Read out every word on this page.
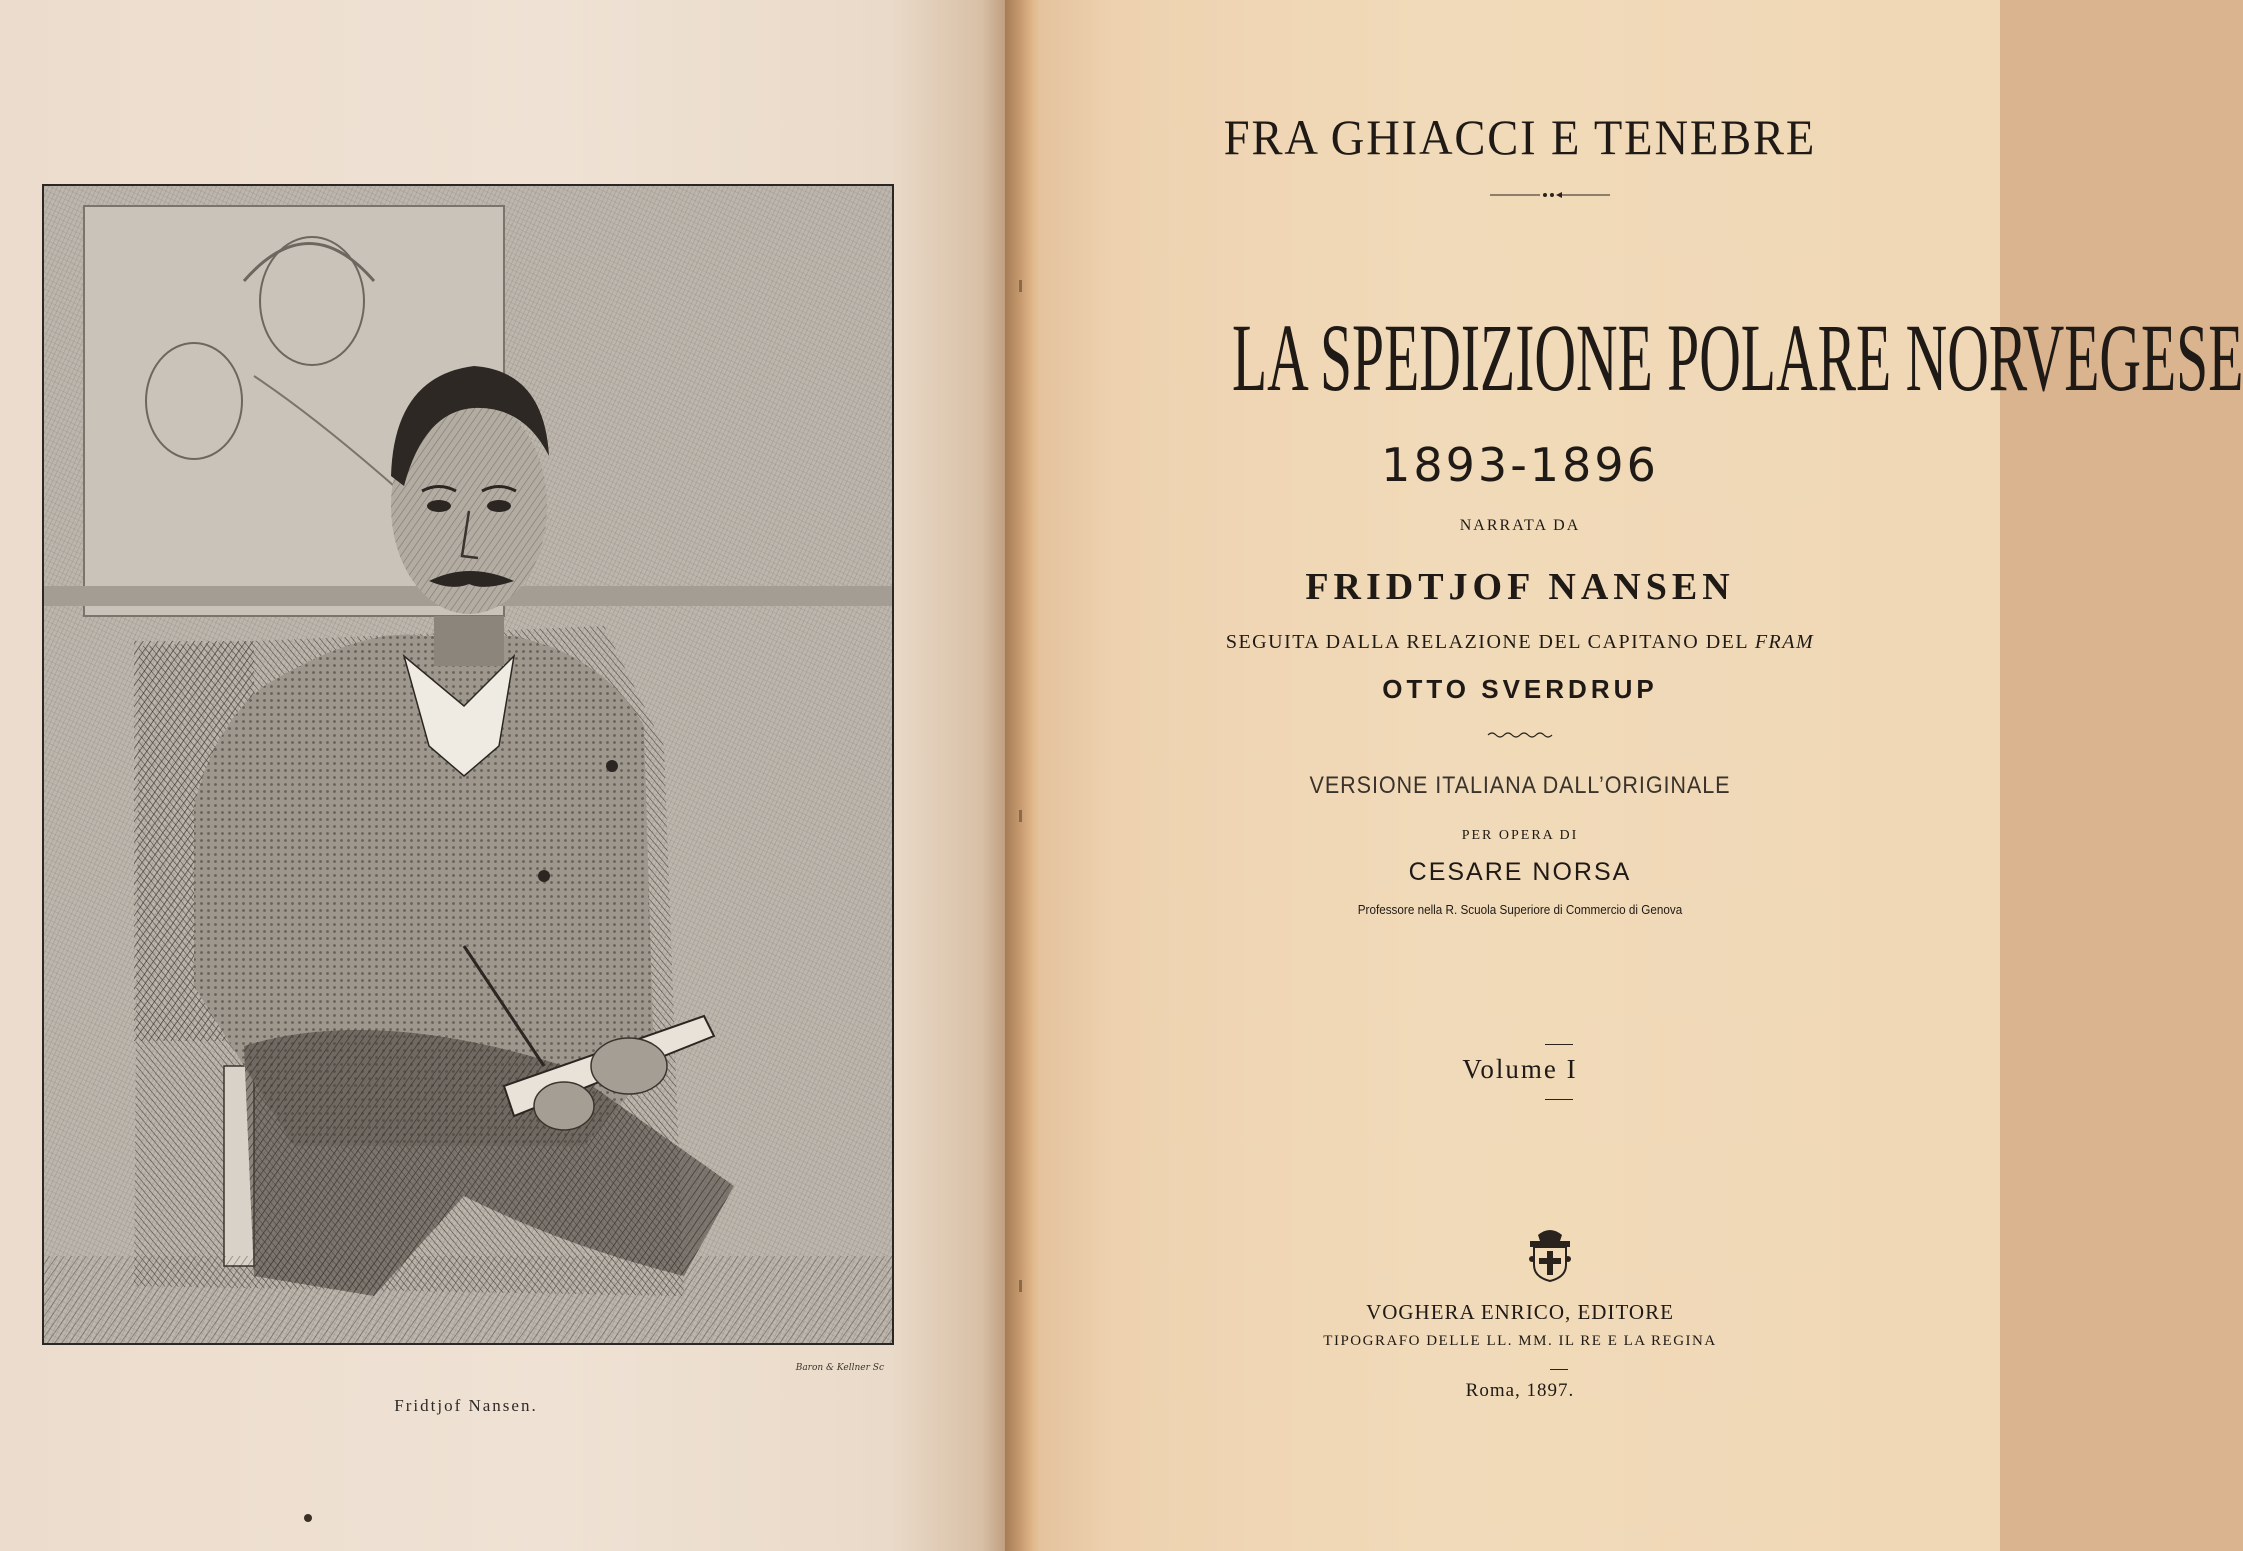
Baron & Kellner Sc
Fridtjof Nansen.
FRA GHIACCI E TENEBRE
LA SPEDIZIONE POLARE NORVEGESE
1893-1896
NARRATA DA
FRIDTJOF NANSEN
SEGUITA DALLA RELAZIONE DEL CAPITANO DEL FRAM
OTTO SVERDRUP
VERSIONE ITALIANA DALL’ORIGINALE
PER OPERA DI
CESARE NORSA
Professore nella R. Scuola Superiore di Commercio di Genova
Volume I
VOGHERA ENRICO, EDITORE
TIPOGRAFO DELLE LL. MM. IL RE E LA REGINA
Roma, 1897.
